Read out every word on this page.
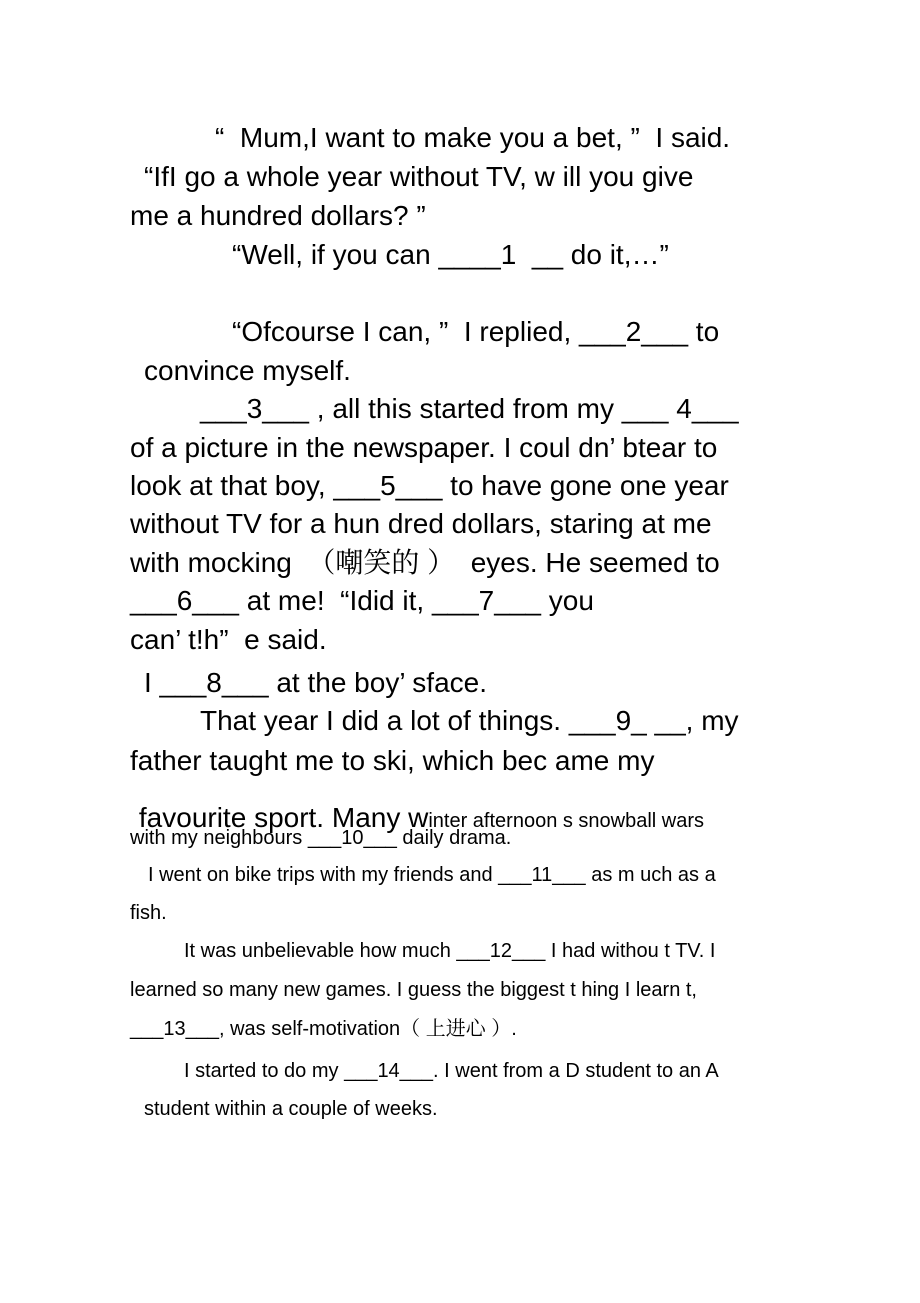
“  Mum,I want to make you a bet, ”  I said.
“IfI go a whole year without TV, w ill you give
me a hundred dollars? ”
“Well, if you can ____1  __ do it,…”
“Ofcourse I can, ”  I replied, ___2___ to
convince myself.
___3___ , all this started from my ___ 4___
of a picture in the newspaper. I coul dn’ btear to
look at that boy, ___5___ to have gone one year
without TV for a hun dred dollars, staring at me
with mocking  （嘲笑的 ）  eyes. He seemed to
___6___ at me!  “Idid it, ___7___ you
can’ t!h”  e said.
I ___8___ at the boy’ sface.
That year I did a lot of things. ___9_ __, my
father taught me to ski, which bec ame my

favourite sport. Many winter afternoon s snowball wars

with my neighbours ___10___ daily drama.
I went on bike trips with my friends and ___11___ as m uch as a
fish.
It was unbelievable how much ___12___ I had withou t TV. I
learned so many new games. I guess the biggest t hing I learn t,
___13___, was self-motivation（ 上进心 ）.
I started to do my ___14___. I went from a D student to an A
student within a couple of weeks.
